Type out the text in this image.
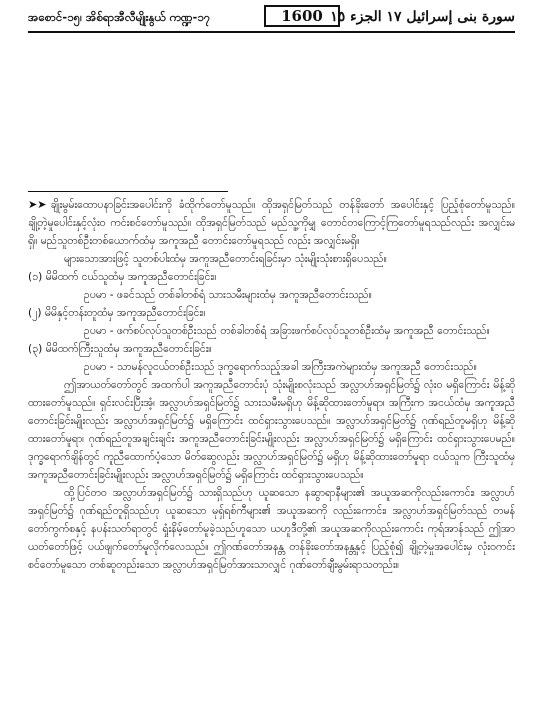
အစောင်-၁၅၊ အိစ်ရာအီလီမျိုးနွယ် ကဏ္ဍ-၁၇	1600 سورة بنى إسرائيل ١٧ الجزء ١٥

➤➤ ချိုးမွမ်းထောပနာခြင်းအပေါင်းကို ခံထိုက်တော်မူသည်။ ထိုအရှင်မြတ်သည် တန်ခိုးတော် အပေါင်းနှင့် ပြည့်စုံတော်မူသည်။ ချို့တဲ့မှုပေါင်းနှင့်လုံးဝ ကင်းစင်တော်မူသည်။ ထိုအရှင်မြတ်သည် မည်သူ့ကိုမျှ တောင်တကြောင့်ကြတော်မူရသည်လည်း အလျှင်းမရှိ။ မည်သူတစ်ဦးတစ်ယောက်ထံမှ အကူအညီ တောင်းတော်မူရသည် လည်း အလျှင်းမရှိ။

များသောအားဖြင့် သူတစ်ပါးထံမှ အကူအညီတောင်းရခြင်းမှာ သုံးမျိုးသုံးစားရှိပေသည်။

(၁) မိမိထက် ငယ်သူထံမှ အကူအညီတောင်းခြင်း။

ဥပမာ - ဖခင်သည် တစ်ခါတစ်ရံ သားသမီးများထံမှ အကူအညီတောင်းသည်။

(၂) မိမိနှင့်တန်းတူထံမှ အကူအညီတောင်းခြင်း။

ဥပမာ - ဖက်စပ်လုပ်သူတစ်ဦးသည် တစ်ခါတစ်ရံ အခြားဖက်စပ်လုပ်သူတစ်ဦးထံမှ အကူအညီ တောင်းသည်။

(၃) မိမိထက်ကြီးသူထံမှ အကူအညီတောင်းခြင်း။

ဥပမာ - သာမန်လူငယ်တစ်ဦးသည် ဒုက္ခရောက်သည့်အခါ အကြီးအကဲများထံမှ အကူအညီ တောင်းသည်။

ဤအာယတ်တော်တွင် အထက်ပါ အကူအညီတောင်းပုံ သုံးမျိုးစလုံးသည် အလ္လာဟ်အရှင်မြတ်၌ လုံးဝ မရှိကြောင်း မိန့်ဆိုထားတော်မူသည်။ ရှင်းလင်းပြီးအံ့၊ အလ္လာဟ်အရှင်မြတ်၌ သားသမီးမရှိဟု မိန့်ဆိုထားတော်မူရာ၊ အကြီးက အငယ်ထံမှ အကူအညီတောင်းခြင်းမျိုးလည်း အလ္လာဟ်အရှင်မြတ်၌ မရှိကြောင်း ထင်ရှားသွားပေသည်။ အလ္လာဟ်အရှင်မြတ်၌ ဂုဏ်ရည်တူမရှိဟု မိန့်ဆိုထားတော်မူရာ၊ ဂုဏ်ရည်တူအချင်းချင်း အကူအညီတောင်းခြင်းမျိုးလည်း အလ္လာဟ်အရှင်မြတ်၌ မရှိကြောင်း ထင်ရှားသွားပေမည်။ ဒုက္ခရောက်ချိန်တွင် ကူညီထောက်ပံ့သော မိတ်ဆွေလည်း အလ္လာဟ်အရှင်မြတ်၌ မရှိဟု မိန့်ဆိုထားတော်မူရာ ငယ်သူက ကြီးသူထံမှ အကူအညီတောင်းခြင်းမျိုးလည်း အလ္လာဟ်အရှင်မြတ်၌ မရှိကြောင်း ထင်ရှားသွားပေသည်။

ထို့ပြင်တဝ အလ္လာဟ်အရှင်မြတ်၌ သားရှိသည်ဟု ယူဆသော နဆွာရာနီများ၏ အယူအဆကိုလည်းကောင်း၊ အလ္လာဟ်အရှင်မြတ်၌ ဂုဏ်ရည်တူရှိသည်ဟု ယူဆသော မုရှ်ရစ်ကီများ၏ အယူအဆကို လည်းကောင်း၊ အလ္လာဟ်အရှင်မြတ်သည် တမန်တော်ကွက်စနှင့် နပန်းသတ်ရာတွင် ရှုံးနိမ့်တော်မူခဲ့သည်ဟူသော ယဟူဒီတို့၏ အယူအဆကိုလည်းကောင်း ကုရ်အာန်သည် ဤအာယတ်တော်ဖြင့် ပယ်ဖျက်တော်မူလိုက်လေသည်။ ဤဂဏ်တော်အနန္တ တန်ခိုးတော်အနန္တနှင့် ပြည့်စုံ၍ ချို့တဲ့မှုအပေါင်းမှ လုံးဝကင်းစင်တော်မူသော တစ်ဆူတည်းသော အလ္လာဟ်အရှင်မြတ်အားသာလျှင် ဂုဏ်တော်ချီးမွမ်းရာသတည်း။
